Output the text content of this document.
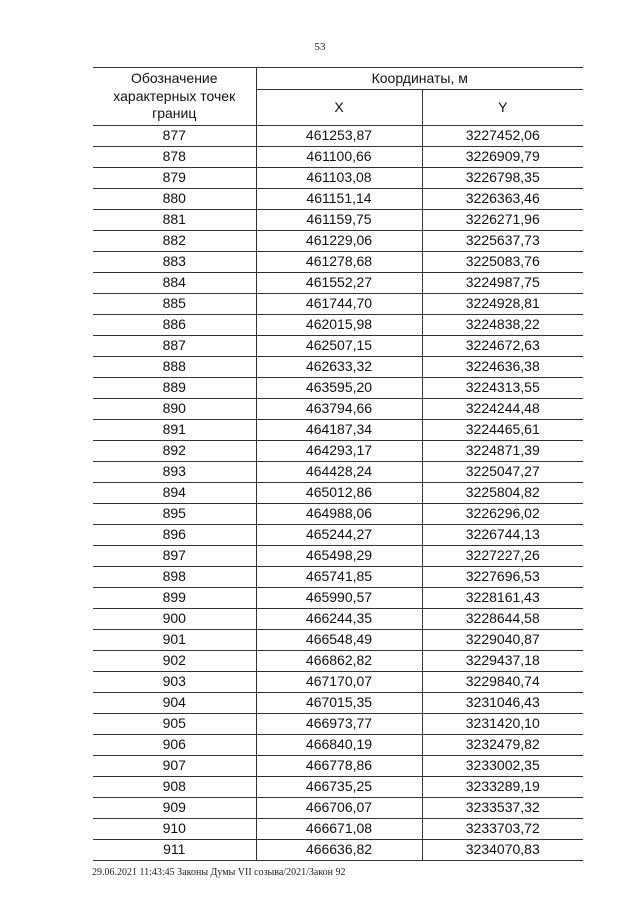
53
Обозначение характерных точек границ	Координаты, м	
	X	Y
877	461253,87	3227452,06
878	461100,66	3226909,79
879	461103,08	3226798,35
880	461151,14	3226363,46
881	461159,75	3226271,96
882	461229,06	3225637,73
883	461278,68	3225083,76
884	461552,27	3224987,75
885	461744,70	3224928,81
886	462015,98	3224838,22
887	462507,15	3224672,63
888	462633,32	3224636,38
889	463595,20	3224313,55
890	463794,66	3224244,48
891	464187,34	3224465,61
892	464293,17	3224871,39
893	464428,24	3225047,27
894	465012,86	3225804,82
895	464988,06	3226296,02
896	465244,27	3226744,13
897	465498,29	3227227,26
898	465741,85	3227696,53
899	465990,57	3228161,43
900	466244,35	3228644,58
901	466548,49	3229040,87
902	466862,82	3229437,18
903	467170,07	3229840,74
904	467015,35	3231046,43
905	466973,77	3231420,10
906	466840,19	3232479,82
907	466778,86	3233002,35
908	466735,25	3233289,19
909	466706,07	3233537,32
910	466671,08	3233703,72
911	466636,82	3234070,83
29.06.2021 11:43:45 Законы Думы VII созыва/2021/Закон 92
